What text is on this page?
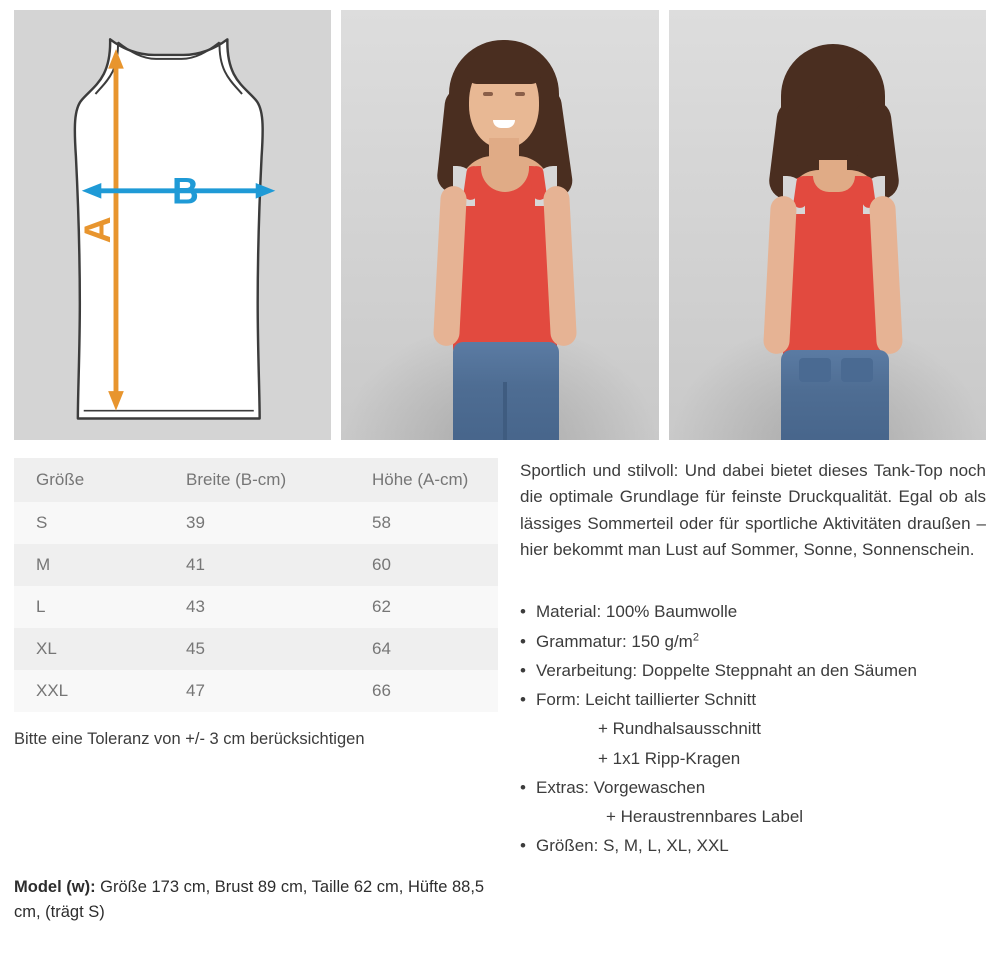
A
B
Größe	Breite (B-cm)	Höhe (A-cm)
S	39	58
M	41	60
L	43	62
XL	45	64
XXL	47	66
Bitte eine Toleranz von +/- 3 cm berücksichtigen

Sportlich und stilvoll: Und dabei bietet dieses Tank-Top noch die optimale Grundlage für feinste Druckqualität. Egal ob als lässiges Sommerteil oder für sportliche Aktivitäten draußen – hier bekommt man Lust auf Sommer, Sonne, Sonnenschein.

• Material: 100% Baumwolle
• Grammatur: 150 $g/m^2$
• Verarbeitung: Doppelte Steppnaht an den Säumen
• Form: Leicht taillierter Schnitt
+ Rundhalsausschnitt
+ 1x1 Ripp-Kragen
• Extras: Vorgewaschen
+ Heraustrennbares Label
• Größen: S, M, L, XL, XXL
Model (w): Größe 173 cm, Brust 89 cm, Taille 62 cm, Hüfte 88,5 cm, (trägt S)
